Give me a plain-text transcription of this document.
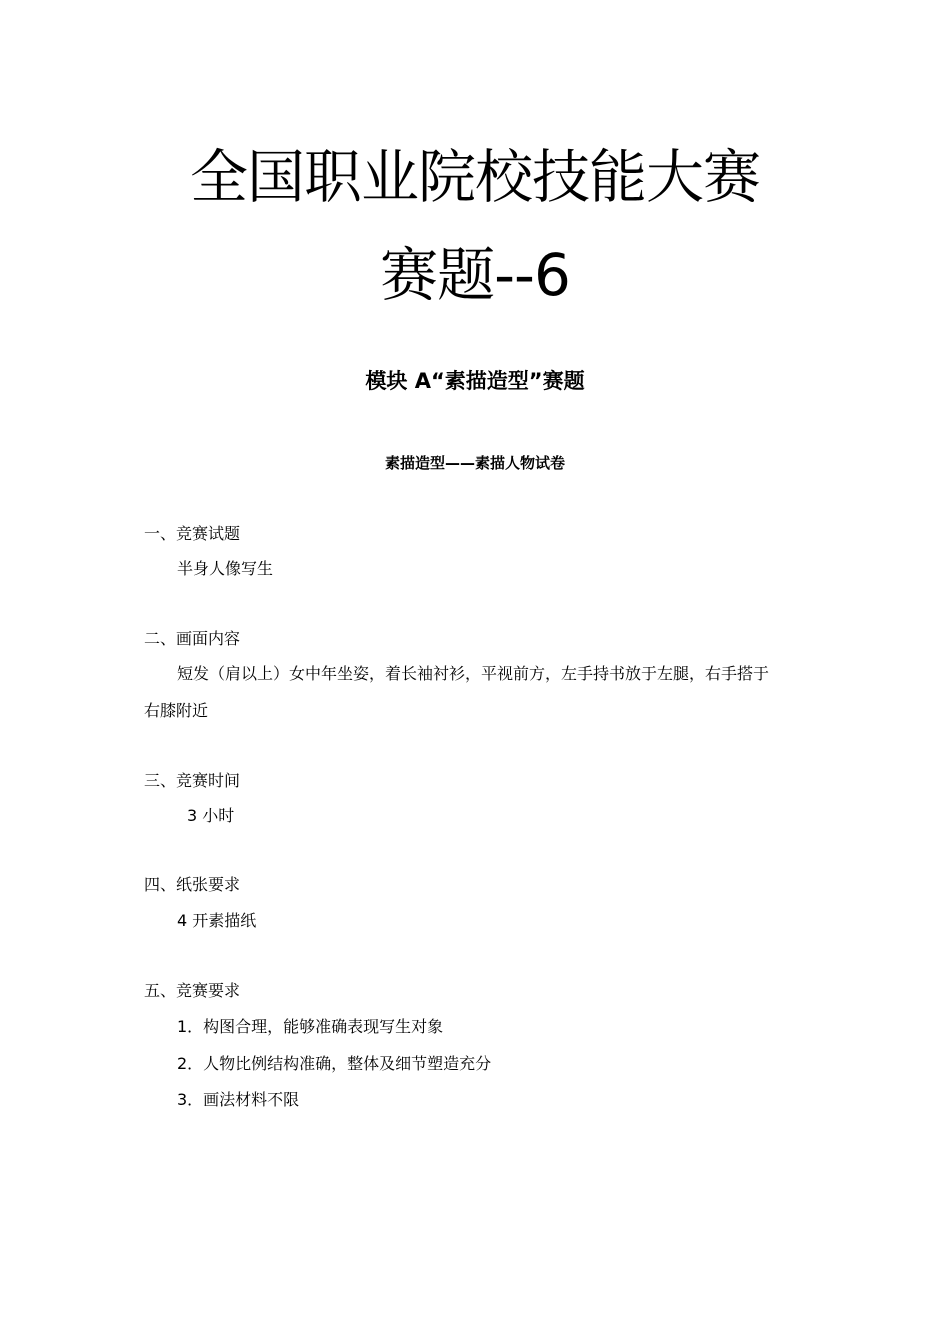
全国职业院校技能大赛
赛题--6
模块 A“素描造型”赛题
素描造型——素描人物试卷
一、竞赛试题
半身人像写生
二、画面内容
短发（肩以上）女中年坐姿，着长袖衬衫，平视前方，左手持书放于左腿，右手搭于
右膝附近
三、竞赛时间
3 小时
四、纸张要求
4 开素描纸
五、竞赛要求
1．构图合理，能够准确表现写生对象
2．人物比例结构准确，整体及细节塑造充分
3．画法材料不限
